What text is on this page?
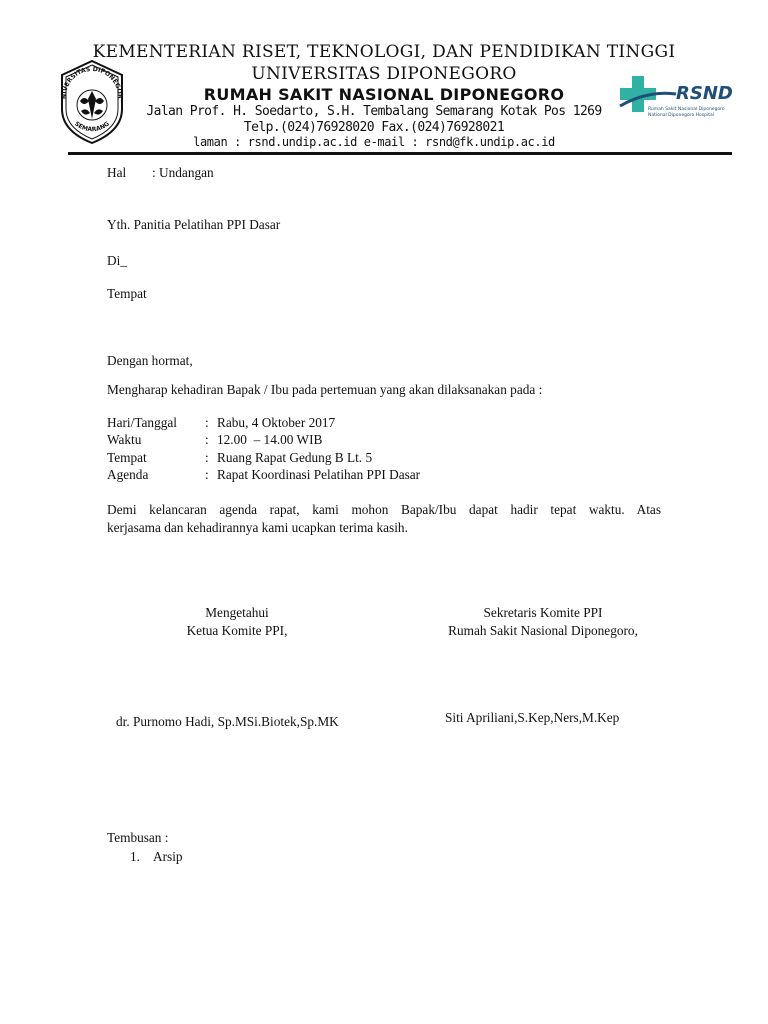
KEMENTERIAN RISET, TEKNOLOGI, DAN PENDIDIKAN TINGGI
UNIVERSITAS DIPONEGORO
RUMAH SAKIT NASIONAL DIPONEGORO
Jalan Prof. H. Soedarto, S.H. Tembalang Semarang Kotak Pos 1269
Telp.(024)76928020 Fax.(024)76928021
laman : rsnd.undip.ac.id e-mail : rsnd@fk.undip.ac.id
NIVERSITAS DIPONEGOR
SEMARANG
RSND
Rumah Sakit Nasional Diponegoro
National Diponegoro Hospital
Hal : Undangan
Yth. Panitia Pelatihan PPI Dasar
Di_
Tempat
Dengan hormat,
Mengharap kehadiran Bapak / Ibu pada pertemuan yang akan dilaksanakan pada :
Hari/Tanggal : Rabu, 4 Oktober 2017
Waktu	: 12.00  – 14.00 WIB
Tempat	: Ruang Rapat Gedung B Lt. 5
Agenda	: Rapat Koordinasi Pelatihan PPI Dasar
Demi kelancaran agenda rapat, kami mohon Bapak/Ibu dapat hadir tepat waktu. Atas
kerjasama dan kehadirannya kami ucapkan terima kasih.
Mengetahui
Ketua Komite PPI,
Sekretaris Komite PPI
Rumah Sakit Nasional Diponegoro,
dr. Purnomo Hadi, Sp.MSi.Biotek,Sp.MK	Siti Apriliani,S.Kep,Ners,M.Kep
Tembusan :
1. Arsip
